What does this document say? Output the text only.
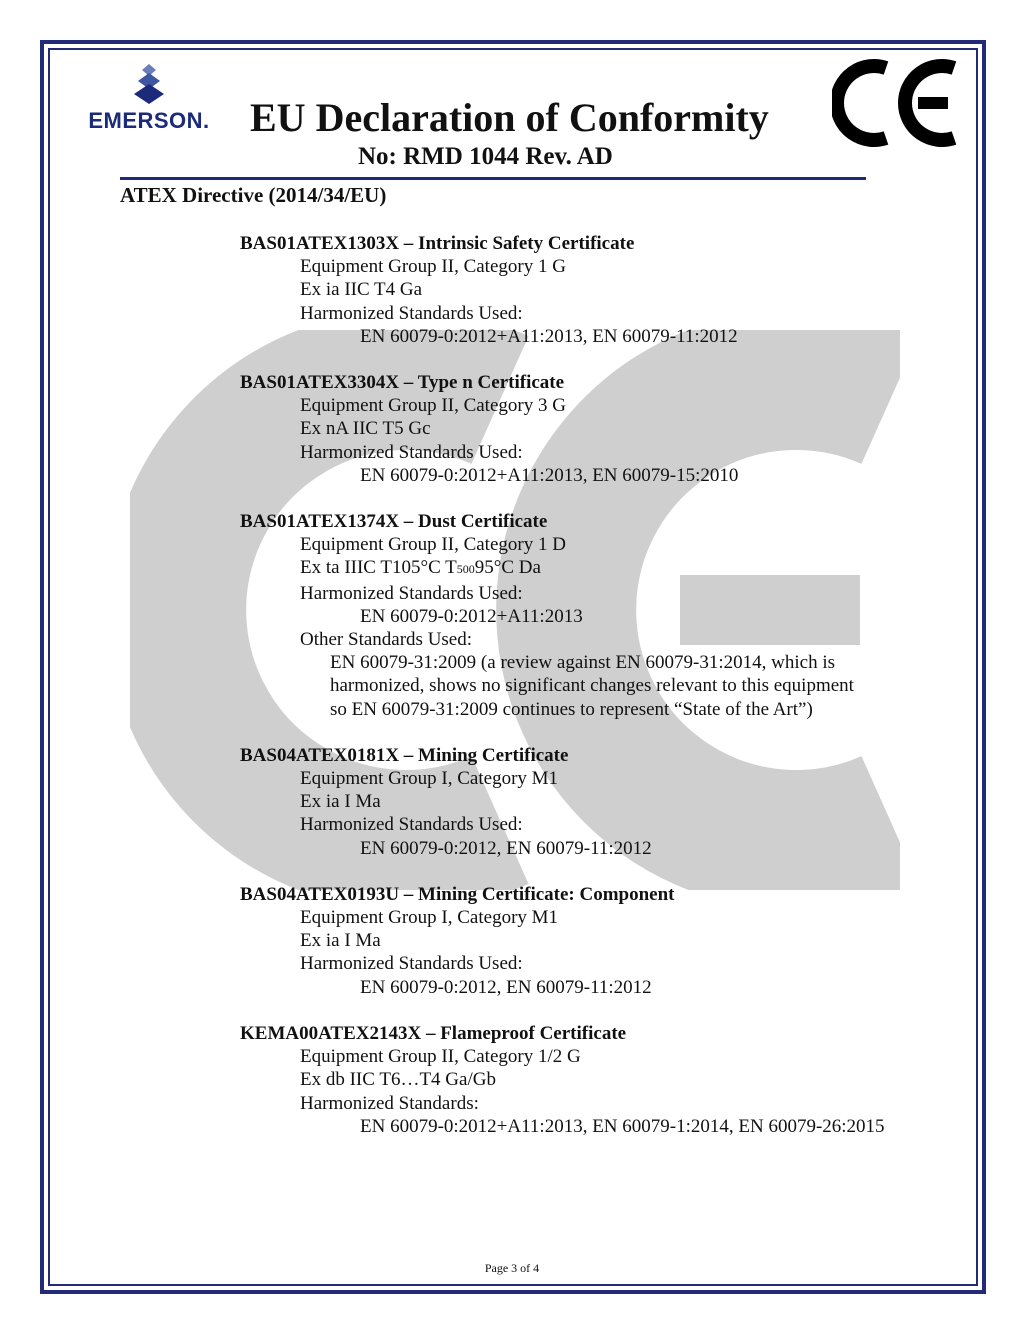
EMERSON.	EU Declaration of Conformity
No: RMD 1044 Rev. AD
ATEX Directive (2014/34/EU)
BAS01ATEX1303X – Intrinsic Safety Certificate
Equipment Group II, Category 1 G
Ex ia IIC T4 Ga
Harmonized Standards Used:
EN 60079-0:2012+A11:2013, EN 60079-11:2012
BAS01ATEX3304X – Type n Certificate
Equipment Group II, Category 3 G
Ex nA IIC T5 Gc
Harmonized Standards Used:
EN 60079-0:2012+A11:2013, EN 60079-15:2010
BAS01ATEX1374X – Dust Certificate
Equipment Group II, Category 1 D
Ex ta IIIC T105°C T50095°C Da
Harmonized Standards Used:
EN 60079-0:2012+A11:2013
Other Standards Used:
EN 60079-31:2009 (a review against EN 60079-31:2014, which is
harmonized, shows no significant changes relevant to this equipment
so EN 60079-31:2009 continues to represent “State of the Art”)
BAS04ATEX0181X – Mining Certificate
Equipment Group I, Category M1
Ex ia I Ma
Harmonized Standards Used:
EN 60079-0:2012, EN 60079-11:2012
BAS04ATEX0193U – Mining Certificate: Component
Equipment Group I, Category M1
Ex ia I Ma
Harmonized Standards Used:
EN 60079-0:2012, EN 60079-11:2012
KEMA00ATEX2143X – Flameproof Certificate
Equipment Group II, Category 1/2 G
Ex db IIC T6…T4 Ga/Gb
Harmonized Standards:
EN 60079-0:2012+A11:2013, EN 60079-1:2014, EN 60079-26:2015
Page 3 of 4
